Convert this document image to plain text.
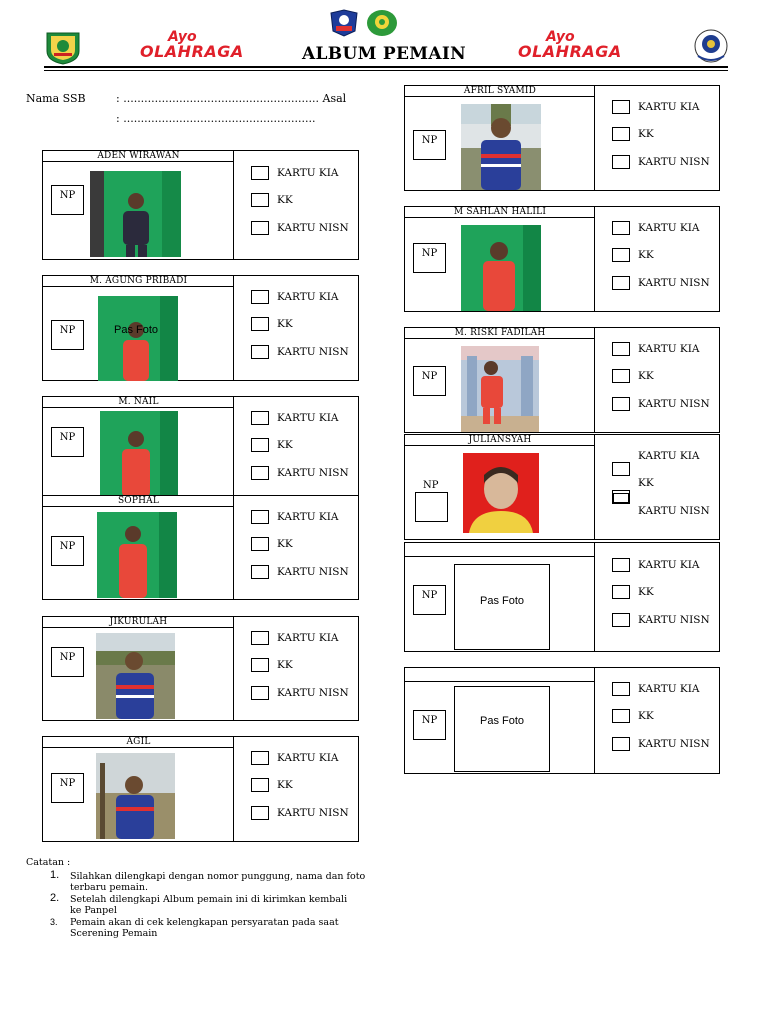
Ayo
OLAHRAGA	ALBUM PEMAIN
Ayo
OLAHRAGA
Nama SSB	: ........................................................ Asal
: .......................................................
ADEN WIRAWAN
NP
KARTU KIA
KK
KARTU NISN
M. AGUNG PRIBADI
NP	Pas Foto
KARTU KIA
KK
KARTU NISN
M. NAIL
NP
KARTU KIA
KK
KARTU NISN
SOPHAL
NP
KARTU KIA
KK
KARTU NISN
JIKURULAH
NP
KARTU KIA
KK
KARTU NISN
AGIL
NP
KARTU KIA
KK
KARTU NISN
AFRIL SYAMID
NP
KARTU KIA
KK
KARTU NISN
M SAHLAN HALILI
NP
KARTU KIA
KK
KARTU NISN
M. RISKI FADILAH
NP
KARTU KIA
KK
KARTU NISN
JULIANSYAH
NP
KARTU KIA
KK
KARTU NISN
NP	Pas Foto
KARTU KIA
KK
KARTU NISN
NP	Pas Foto
KARTU KIA
KK
KARTU NISN
Catatan :
1. Silahkan dilengkapi dengan nomor punggung, nama dan foto
terbaru pemain.
2. Setelah dilengkapi Album pemain ini di kirimkan kembali
ke Panpel
3. Pemain akan di cek kelengkapan persyaratan pada saat
Scerening Pemain
